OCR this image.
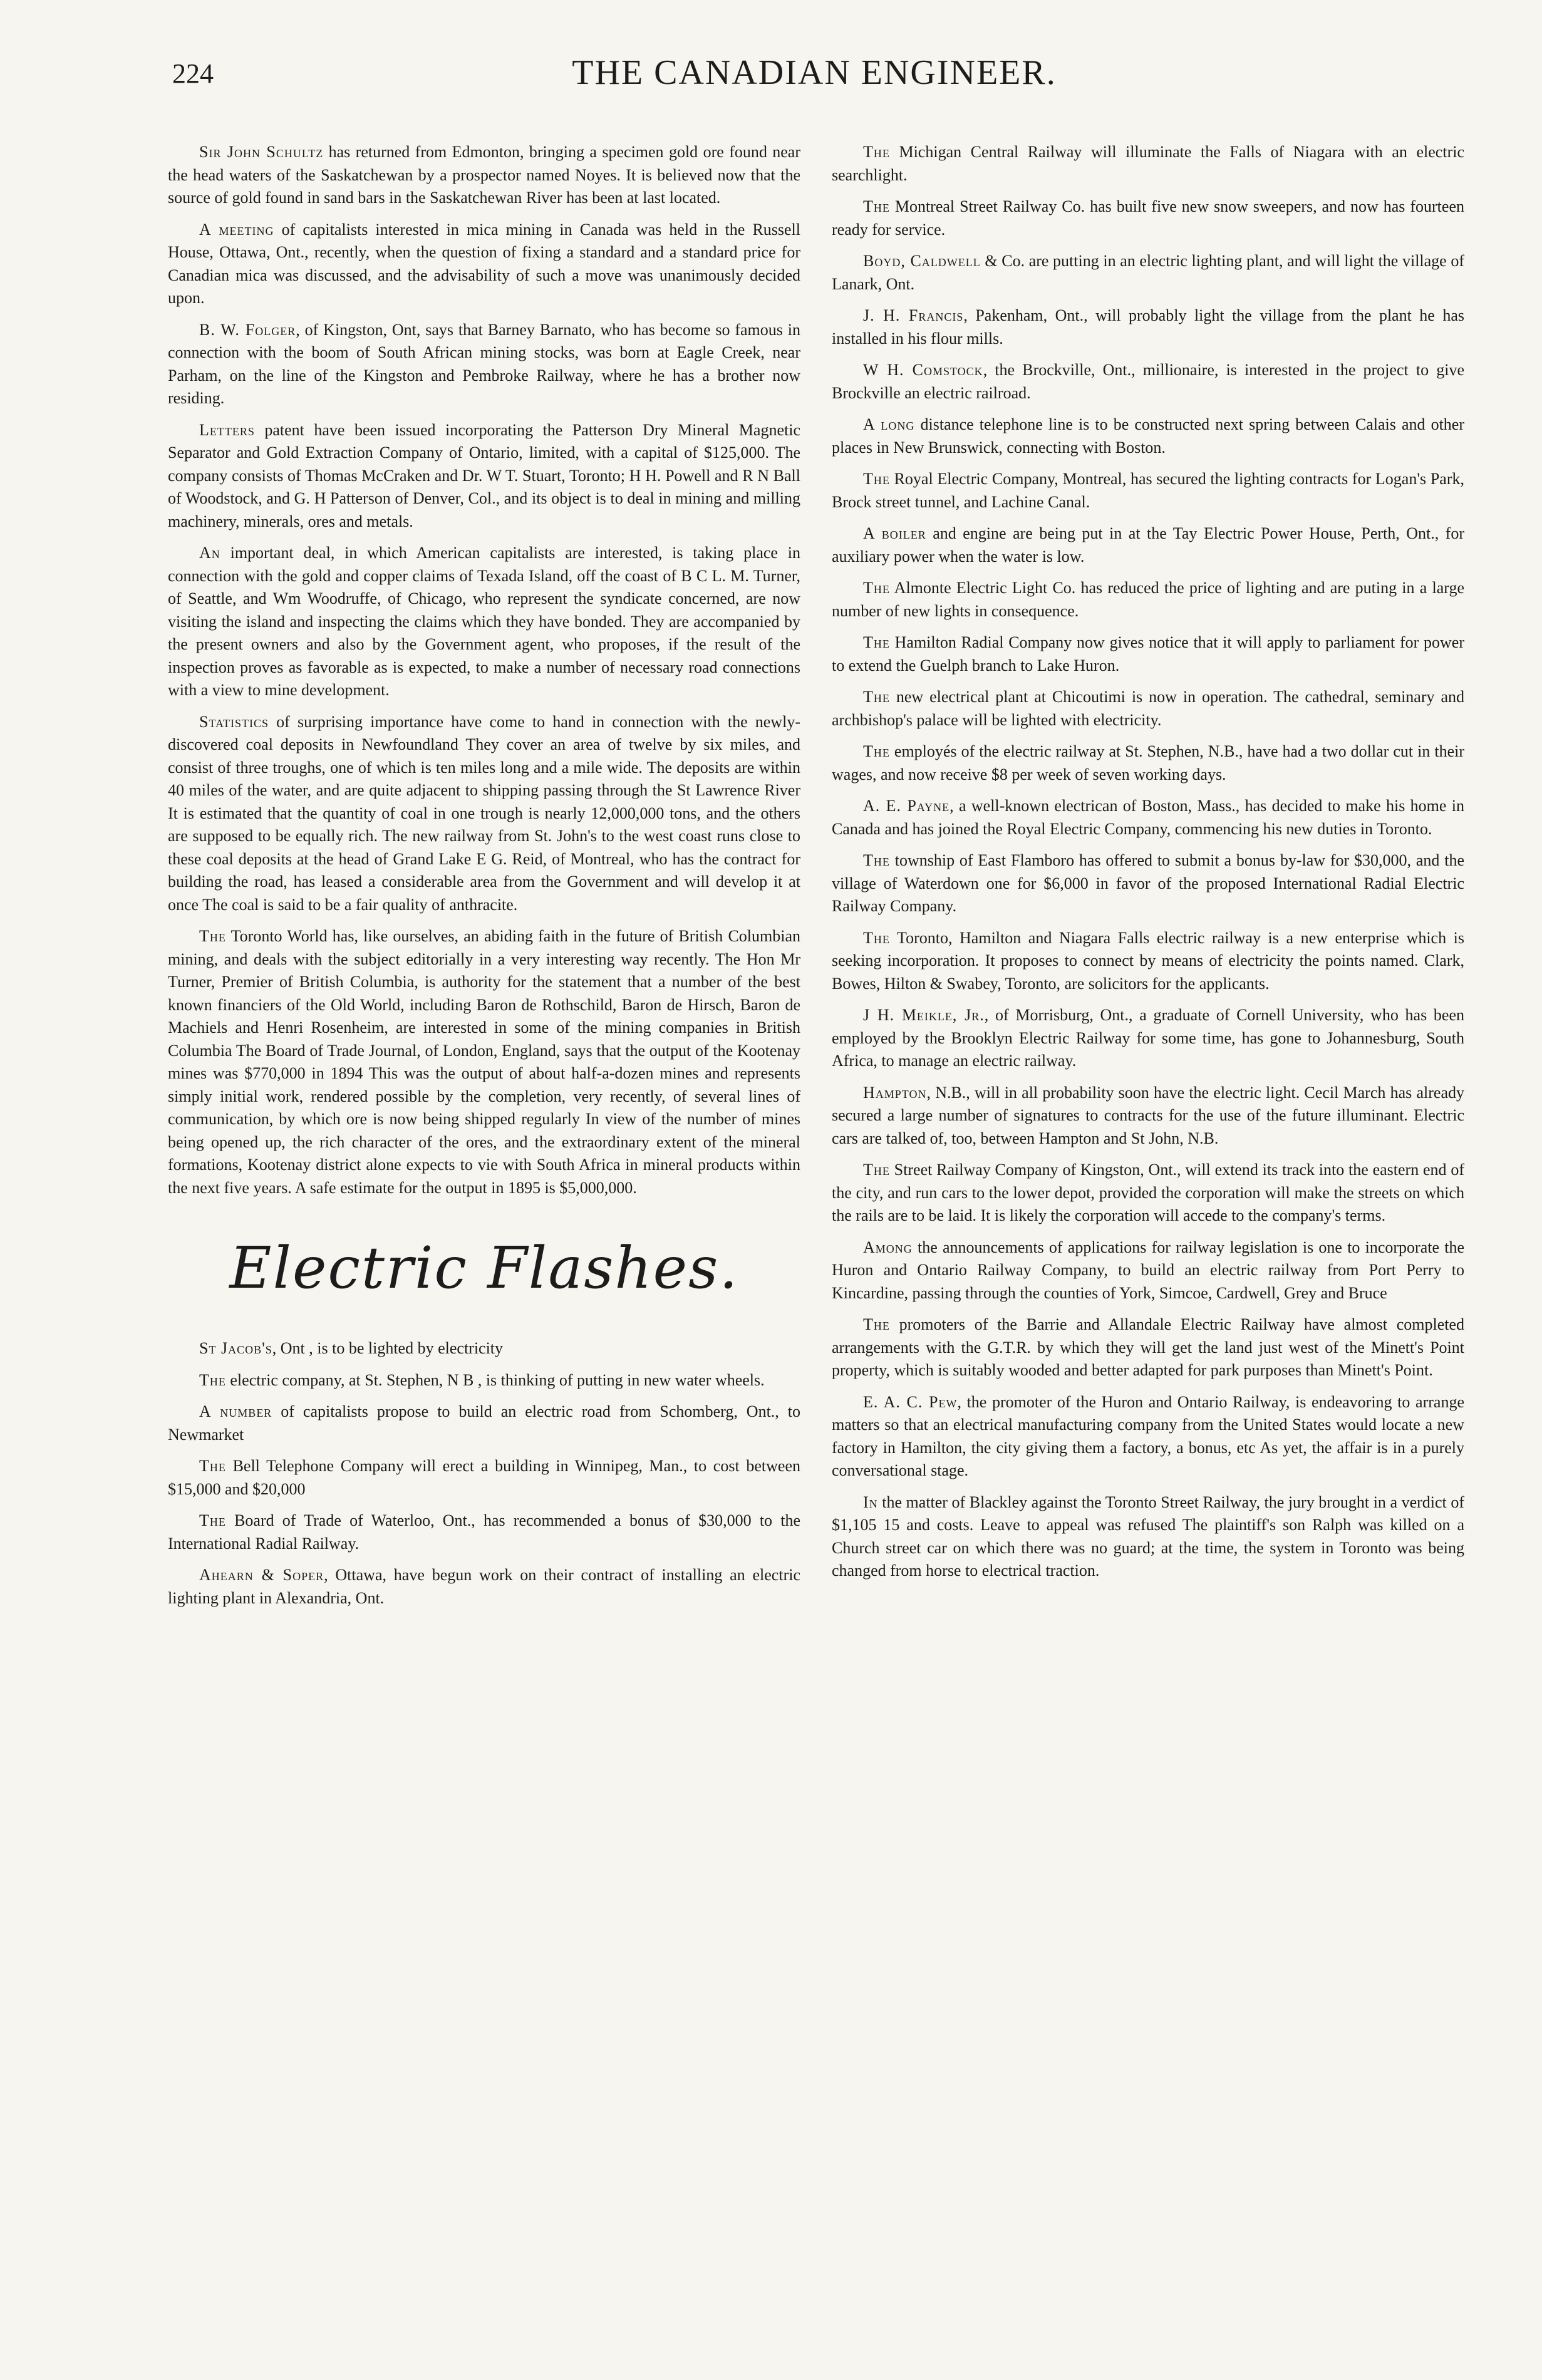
224	THE CANADIAN ENGINEER.

Sir John Schultz has returned from Edmonton, bringing a specimen gold ore found near the head waters of the Saskatchewan by a prospector named Noyes. It is believed now that the source of gold found in sand bars in the Saskatchewan River has been at last located.

A meeting of capitalists interested in mica mining in Canada was held in the Russell House, Ottawa, Ont., recently, when the question of fixing a standard and a standard price for Canadian mica was discussed, and the advisability of such a move was unanimously decided upon.

B. W. Folger, of Kingston, Ont, says that Barney Barnato, who has become so famous in connection with the boom of South African mining stocks, was born at Eagle Creek, near Parham, on the line of the Kingston and Pembroke Railway, where he has a brother now residing.

Letters patent have been issued incorporating the Patterson Dry Mineral Magnetic Separator and Gold Extraction Company of Ontario, limited, with a capital of $125,000. The company consists of Thomas McCraken and Dr. W T. Stuart, Toronto; H H. Powell and R N Ball of Woodstock, and G. H Patterson of Denver, Col., and its object is to deal in mining and milling machinery, minerals, ores and metals.

An important deal, in which American capitalists are interested, is taking place in connection with the gold and copper claims of Texada Island, off the coast of B C L. M. Turner, of Seattle, and Wm Woodruffe, of Chicago, who represent the syndicate concerned, are now visiting the island and inspecting the claims which they have bonded. They are accompanied by the present owners and also by the Government agent, who proposes, if the result of the inspection proves as favorable as is expected, to make a number of necessary road connections with a view to mine development.

Statistics of surprising importance have come to hand in connection with the newly-discovered coal deposits in Newfoundland They cover an area of twelve by six miles, and consist of three troughs, one of which is ten miles long and a mile wide. The deposits are within 40 miles of the water, and are quite adjacent to shipping passing through the St Lawrence River It is estimated that the quantity of coal in one trough is nearly 12,000,000 tons, and the others are supposed to be equally rich. The new railway from St. John's to the west coast runs close to these coal deposits at the head of Grand Lake E G. Reid, of Montreal, who has the contract for building the road, has leased a considerable area from the Government and will develop it at once The coal is said to be a fair quality of anthracite.

The Toronto World has, like ourselves, an abiding faith in the future of British Columbian mining, and deals with the subject editorially in a very interesting way recently. The Hon Mr Turner, Premier of British Columbia, is authority for the statement that a number of the best known financiers of the Old World, including Baron de Rothschild, Baron de Hirsch, Baron de Machiels and Henri Rosenheim, are interested in some of the mining companies in British Columbia The Board of Trade Journal, of London, England, says that the output of the Kootenay mines was $770,000 in 1894 This was the output of about half-a-dozen mines and represents simply initial work, rendered possible by the completion, very recently, of several lines of communication, by which ore is now being shipped regularly In view of the number of mines being opened up, the rich character of the ores, and the extraordinary extent of the mineral formations, Kootenay district alone expects to vie with South Africa in mineral products within the next five years. A safe estimate for the output in 1895 is $5,000,000.

Electric Flashes.

St Jacob's, Ont , is to be lighted by electricity

The electric company, at St. Stephen, N B , is thinking of putting in new water wheels.

A number of capitalists propose to build an electric road from Schomberg, Ont., to Newmarket

The Bell Telephone Company will erect a building in Winnipeg, Man., to cost between $15,000 and $20,000

The Board of Trade of Waterloo, Ont., has recommended a bonus of $30,000 to the International Radial Railway.

Ahearn & Soper, Ottawa, have begun work on their contract of installing an electric lighting plant in Alexandria, Ont.

The Michigan Central Railway will illuminate the Falls of Niagara with an electric searchlight.

The Montreal Street Railway Co. has built five new snow sweepers, and now has fourteen ready for service.

Boyd, Caldwell & Co. are putting in an electric lighting plant, and will light the village of Lanark, Ont.

J. H. Francis, Pakenham, Ont., will probably light the village from the plant he has installed in his flour mills.

W H. Comstock, the Brockville, Ont., millionaire, is interested in the project to give Brockville an electric railroad.

A long distance telephone line is to be constructed next spring between Calais and other places in New Brunswick, connecting with Boston.

The Royal Electric Company, Montreal, has secured the lighting contracts for Logan's Park, Brock street tunnel, and Lachine Canal.

A boiler and engine are being put in at the Tay Electric Power House, Perth, Ont., for auxiliary power when the water is low.

The Almonte Electric Light Co. has reduced the price of lighting and are puting in a large number of new lights in consequence.

The Hamilton Radial Company now gives notice that it will apply to parliament for power to extend the Guelph branch to Lake Huron.

The new electrical plant at Chicoutimi is now in operation. The cathedral, seminary and archbishop's palace will be lighted with electricity.

The employés of the electric railway at St. Stephen, N.B., have had a two dollar cut in their wages, and now receive $8 per week of seven working days.

A. E. Payne, a well-known electrican of Boston, Mass., has decided to make his home in Canada and has joined the Royal Electric Company, commencing his new duties in Toronto.

The township of East Flamboro has offered to submit a bonus by-law for $30,000, and the village of Waterdown one for $6,000 in favor of the proposed International Radial Electric Railway Company.

The Toronto, Hamilton and Niagara Falls electric railway is a new enterprise which is seeking incorporation. It proposes to connect by means of electricity the points named. Clark, Bowes, Hilton & Swabey, Toronto, are solicitors for the applicants.

J H. Meikle, Jr., of Morrisburg, Ont., a graduate of Cornell University, who has been employed by the Brooklyn Electric Railway for some time, has gone to Johannesburg, South Africa, to manage an electric railway.

Hampton, N.B., will in all probability soon have the electric light. Cecil March has already secured a large number of signatures to contracts for the use of the future illuminant. Electric cars are talked of, too, between Hampton and St John, N.B.

The Street Railway Company of Kingston, Ont., will extend its track into the eastern end of the city, and run cars to the lower depot, provided the corporation will make the streets on which the rails are to be laid. It is likely the corporation will accede to the company's terms.

Among the announcements of applications for railway legislation is one to incorporate the Huron and Ontario Railway Company, to build an electric railway from Port Perry to Kincardine, passing through the counties of York, Simcoe, Cardwell, Grey and Bruce

The promoters of the Barrie and Allandale Electric Railway have almost completed arrangements with the G.T.R. by which they will get the land just west of the Minett's Point property, which is suitably wooded and better adapted for park purposes than Minett's Point.

E. A. C. Pew, the promoter of the Huron and Ontario Railway, is endeavoring to arrange matters so that an electrical manufacturing company from the United States would locate a new factory in Hamilton, the city giving them a factory, a bonus, etc As yet, the affair is in a purely conversational stage.

In the matter of Blackley against the Toronto Street Railway, the jury brought in a verdict of $1,105 15 and costs. Leave to appeal was refused The plaintiff's son Ralph was killed on a Church street car on which there was no guard; at the time, the system in Toronto was being changed from horse to electrical traction.
